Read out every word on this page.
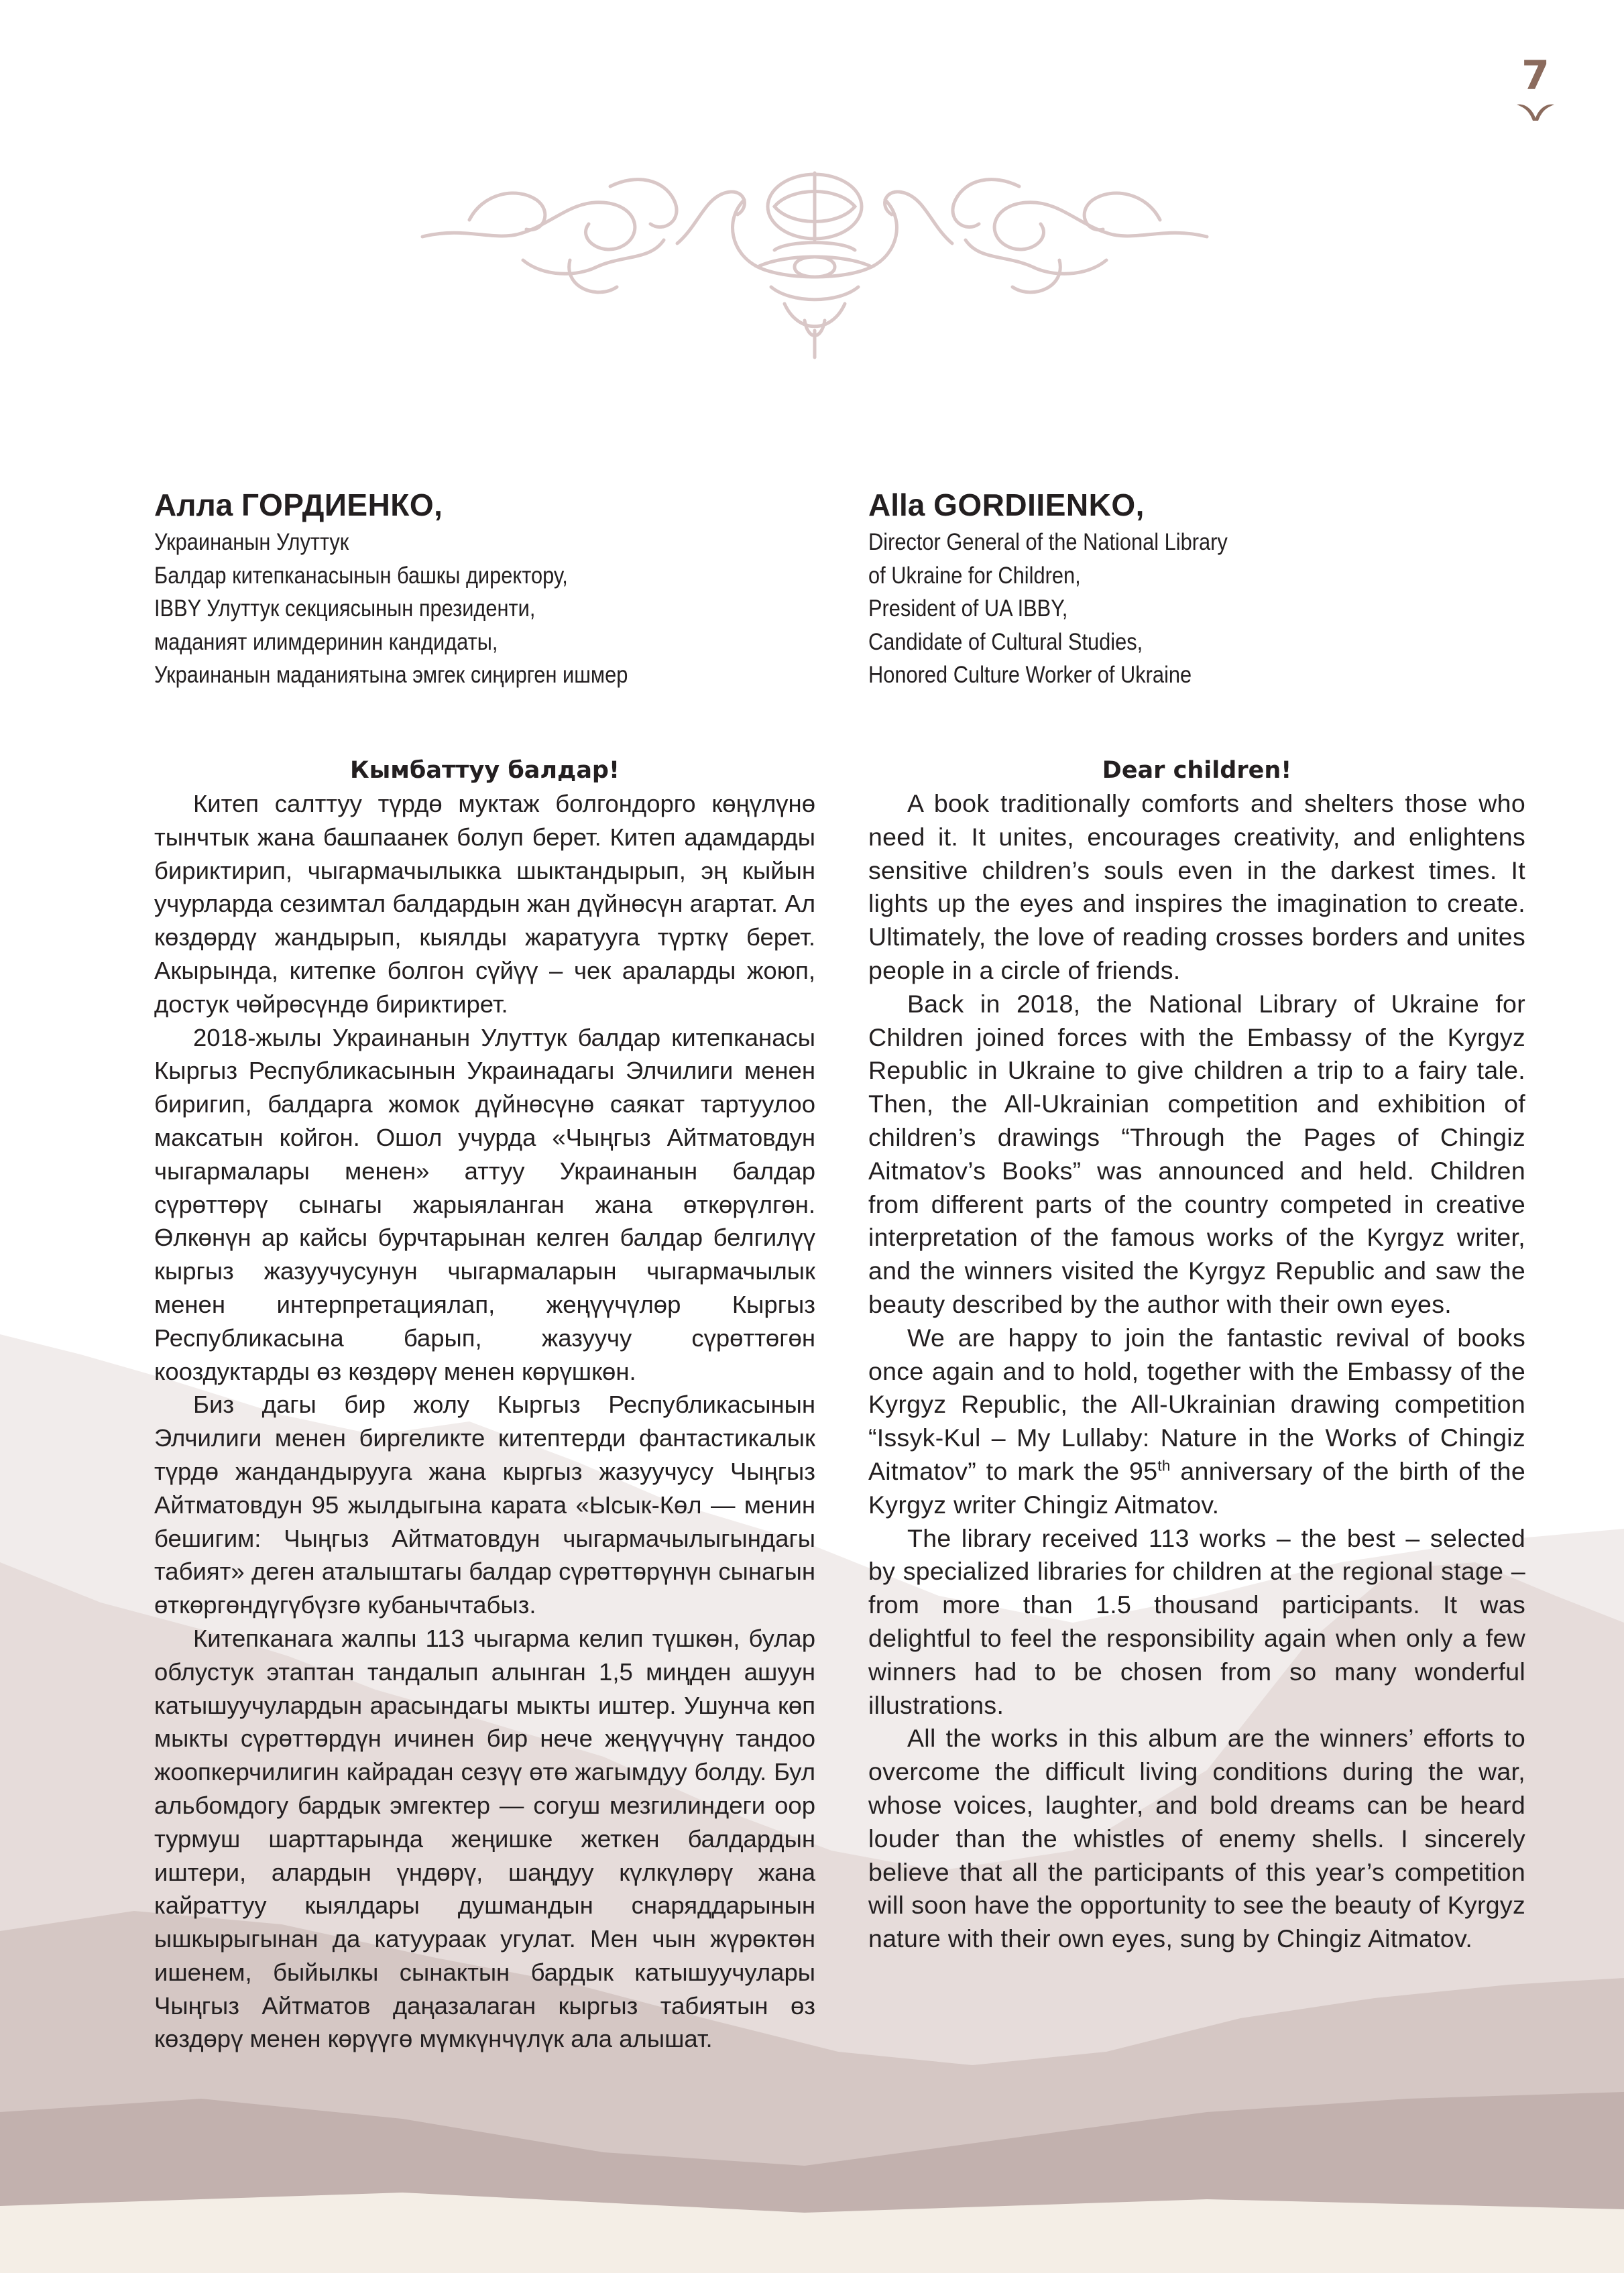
7
Алла ГОРДИЕНКО,
Украинанын Улуттук
Балдар китепканасынын башкы директору,
IBBY Улуттук секциясынын президенти,
маданият илимдеринин кандидаты,
Украинанын маданиятына эмгек сиңирген ишмер
Alla GORDIIENKO,
Director General of the National Library
of Ukraine for Children,
President of UA IBBY,
Candidate of Cultural Studies,
Honored Culture Worker of Ukraine
Кымбаттуу балдар!

Китеп салттуу түрдө муктаж болгондорго көңүлүнө тынчтык жана башпаанек болуп берет. Китеп адамдарды бириктирип, чыгармачылыкка шыктандырып, эң кыйын учурларда сезимтал балдардын жан дүйнөсүн агартат. Ал көздөрдү жандырып, кыялды жаратууга түрткү берет. Акырында, китепке болгон сүйүү – чек араларды жоюп, достук чөйрөсүндө бириктирет.

2018-жылы Украинанын Улуттук балдар китепканасы Кыргыз Республикасынын Украинадагы Элчилиги менен биригип, балдарга жомок дүйнөсүнө саякат тартуулоо максатын койгон. Ошол учурда «Чыңгыз Айтматовдун чыгармалары менен» аттуу Украинанын балдар сүрөттөрү сынагы жарыяланган жана өткөрүлгөн. Өлкөнүн ар кайсы бурчтарынан келген балдар белгилүү кыргыз жазуучусунун чыгармаларын чыгармачылык менен интерпретациялап, жеңүүчүлөр Кыргыз Республикасына барып, жазуучу сүрөттөгөн кооздуктарды өз көздөрү менен көрүшкөн.

Биз дагы бир жолу Кыргыз Республикасынын Элчилиги менен биргеликте китептерди фантастикалык түрдө жандандырууга жана кыргыз жазуучусу Чыңгыз Айтматовдун 95 жылдыгына карата «Ысык-Көл — менин бешигим: Чыңгыз Айтматовдун чыгармачылыгындагы табият» деген аталыштагы балдар сүрөттөрүнүн сынагын өткөргөндүгүбүзгө кубанычтабыз.

Китепканага жалпы 113 чыгарма келип түшкөн, булар облустук этаптан тандалып алынган 1,5 миңден ашуун катышуучулардын арасындагы мыкты иштер. Ушунча көп мыкты сүрөттөрдүн ичинен бир нече жеңүүчүнү тандоо жоопкерчилигин кайрадан сезүү өтө жагымдуу болду. Бул альбомдогу бардык эмгектер — согуш мезгилиндеги оор турмуш шарттарында жеңишке жеткен балдардын иштери, алардын үндөрү, шаңдуу күлкүлөрү жана кайраттуу кыялдары душмандын снаряддарынын ышкырыгынан да катуураак угулат. Мен чын жүрөктөн ишенем, быйылкы сынактын бардык катышуучулары Чыңгыз Айтматов даңазалаган кыргыз табиятын өз көздөрү менен көрүүгө мүмкүнчүлүк ала алышат.

Dear children!

A book traditionally comforts and shelters those who need it. It unites, encourages creativity, and enlightens sensitive children’s souls even in the darkest times. It lights up the eyes and inspires the imagination to create. Ultimately, the love of reading crosses borders and unites people in a circle of friends.

Back in 2018, the National Library of Ukraine for Children joined forces with the Embassy of the Kyrgyz Republic in Ukraine to give children a trip to a fairy tale. Then, the All-Ukrainian competition and exhibition of children’s drawings “Through the Pages of Chingiz Aitmatov’s Books” was announced and held. Children from different parts of the country competed in creative interpretation of the famous works of the Kyrgyz writer, and the winners visited the Kyrgyz Republic and saw the beauty described by the author with their own eyes.

We are happy to join the fantastic revival of books once again and to hold, together with the Embassy of the Kyrgyz Republic, the All-Ukrainian drawing competition “Issyk-Kul – My Lullaby: Nature in the Works of Chingiz Aitmatov” to mark the 95th anniversary of the birth of the Kyrgyz writer Chingiz Aitmatov.

The library received 113 works – the best – selected by specialized libraries for children at the regional stage – from more than 1.5 thousand participants. It was delightful to feel the responsibility again when only a few winners had to be chosen from so many wonderful illustrations.

All the works in this album are the winners’ efforts to overcome the difficult living conditions during the war, whose voices, laughter, and bold dreams can be heard louder than the whistles of enemy shells. I sincerely believe that all the participants of this year’s competition will soon have the opportunity to see the beauty of Kyrgyz nature with their own eyes, sung by Chingiz Aitmatov.
